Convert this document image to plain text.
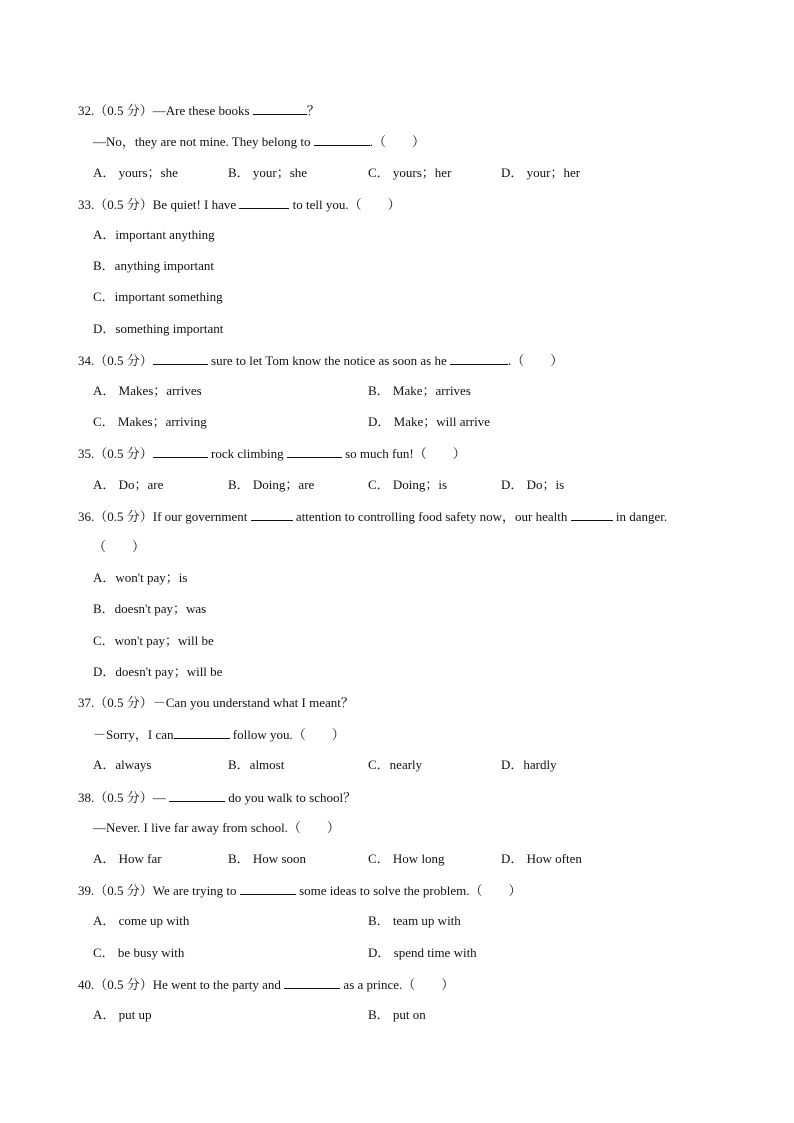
32.（0.5 分）—Are these books	？
—No，they are not mine. They belong to	.（　　）
A． yours；she	B． your；she	C． yours；her	D． your；her
33.（0.5 分）Be quiet! I have	to tell you.（　　）
A．important anything
B．anything important
C．important something
D．something important
34.（0.5 分）	sure to let Tom know the notice as soon as he	.（　　）
A． Makes；arrives	B． Make；arrives
C． Makes；arriving	D． Make；will arrive
35.（0.5 分）	rock climbing	so much fun!（　　）
A． Do；are	B． Doing；are	C． Doing；is	D． Do；is
36.（0.5 分）If our government	attention to controlling food safety now，our health	in danger.
（　　）
A．won't pay；is
B．doesn't pay；was
C．won't pay；will be
D．doesn't pay；will be
37.（0.5 分）－Can you understand what I meant？
－Sorry，I can	follow you.（　　）
A．always	B．almost	C．nearly	D．hardly
38.（0.5 分）—	do you walk to school？
—Never. I live far away from school.（　　）
A． How far	B． How soon	C． How long	D． How often
39.（0.5 分）We are trying to	some ideas to solve the problem.（　　）
A． come up with	B． team up with
C． be busy with	D． spend time with
40.（0.5 分）He went to the party and	as a prince.（　　）
A． put up	B． put on
